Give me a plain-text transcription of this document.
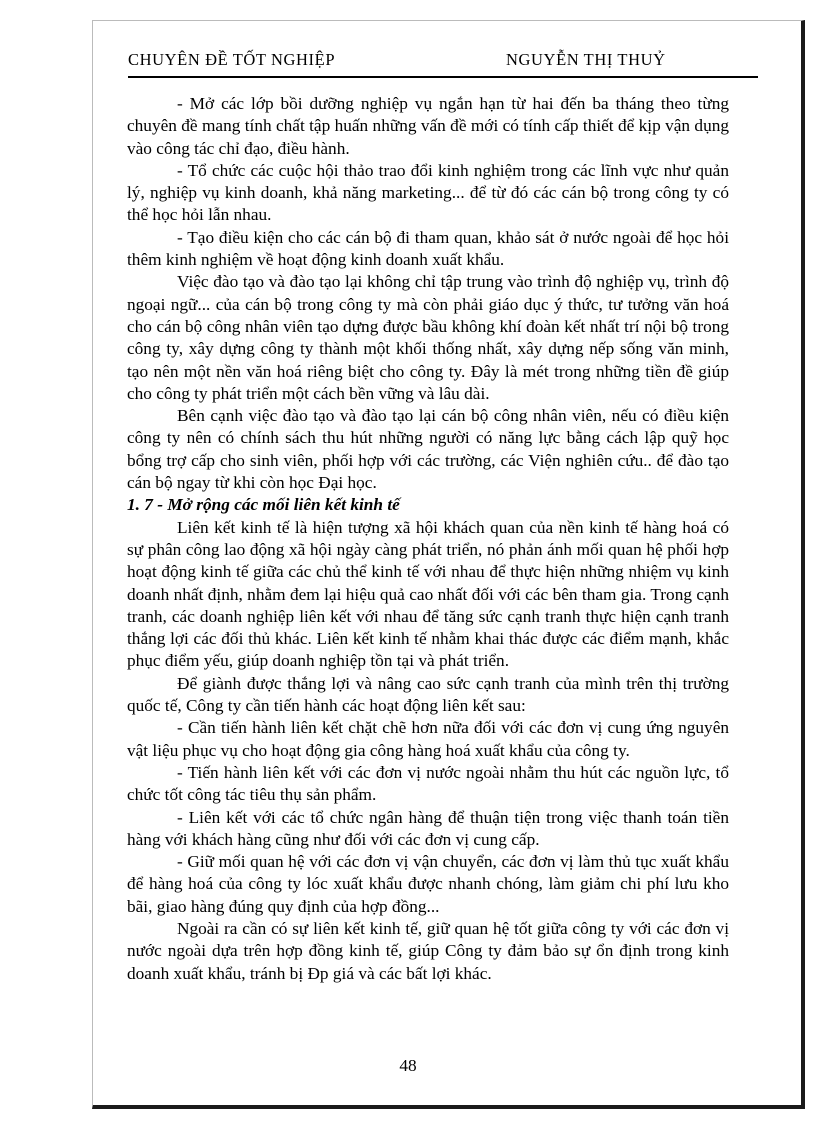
CHUYÊN ĐỀ TỐT NGHIỆP	NGUYỄN THỊ THUỶ

- Mở các lớp bồi dưỡng nghiệp vụ ngắn hạn từ hai đến ba tháng theo từng chuyên đề mang tính chất tập huấn những vấn đề mới có tính cấp thiết để kịp vận dụng vào công tác chỉ đạo, điều hành.

- Tổ chức các cuộc hội thảo trao đổi kinh nghiệm trong các lĩnh vực như quản lý, nghiệp vụ kinh doanh, khả năng marketing... để từ đó các cán bộ trong công ty có thể học hỏi lẫn nhau.

- Tạo điều kiện cho các cán bộ đi tham quan, khảo sát ở nước ngoài để học hỏi thêm kinh nghiệm về hoạt động kinh doanh xuất khẩu.

Việc đào tạo và đào tạo lại không chỉ tập trung vào trình độ nghiệp vụ, trình độ ngoại ngữ... của cán bộ trong công ty mà còn phải giáo dục ý thức, tư tưởng văn hoá cho cán bộ công nhân viên tạo dựng được bầu không khí đoàn kết nhất trí nội bộ trong công ty, xây dựng công ty thành một khối thống nhất, xây dựng nếp sống văn minh, tạo nên một nền văn hoá riêng biệt cho công ty. Đây là mét trong những tiền đề giúp cho công ty phát triển một cách bền vững và lâu dài.

Bên cạnh việc đào tạo và đào tạo lại cán bộ công nhân viên, nếu có điều kiện công ty nên có chính sách thu hút những người có năng lực bằng cách lập quỹ học bổng trợ cấp cho sinh viên, phối hợp với các trường, các Viện nghiên cứu.. để đào tạo cán bộ ngay từ khi còn học Đại học.

1. 7 - Mở rộng các mối liên kết kinh tế

Liên kết kinh tế là hiện tượng xã hội khách quan của nền kinh tế hàng hoá có sự phân công lao động xã hội ngày càng phát triển, nó phản ánh mối quan hệ phối hợp hoạt động kinh tế giữa các chủ thể kinh tế với nhau để thực hiện những nhiệm vụ kinh doanh nhất định, nhằm đem lại hiệu quả cao nhất đối với các bên tham gia. Trong cạnh tranh, các doanh nghiệp liên kết với nhau để tăng sức cạnh tranh thực hiện cạnh tranh thắng lợi các đối thủ khác. Liên kết kinh tế nhằm khai thác được các điểm mạnh, khắc phục điểm yếu, giúp doanh nghiệp tồn tại và phát triển.

Để giành được thắng lợi và nâng cao sức cạnh tranh của mình trên thị trường quốc tế, Công ty cần tiến hành các hoạt động liên kết sau:

- Cần tiến hành liên kết chặt chẽ hơn nữa đối với các đơn vị cung ứng nguyên vật liệu phục vụ cho hoạt động gia công hàng hoá xuất khẩu của công ty.

- Tiến hành liên kết với các đơn vị nước ngoài nhằm thu hút các nguồn lực, tổ chức tốt công tác tiêu thụ sản phẩm.

- Liên kết với các tổ chức ngân hàng để thuận tiện trong việc thanh toán tiền hàng với khách hàng cũng như đối với các đơn vị cung cấp.

- Giữ mối quan hệ với các đơn vị vận chuyển, các đơn vị làm thủ tục xuất khẩu để hàng hoá của công ty lóc xuất khẩu được nhanh chóng, làm giảm chi phí lưu kho bãi, giao hàng đúng quy định của hợp đồng...

Ngoài ra cần có sự liên kết kinh tế, giữ quan hệ tốt giữa công ty với các đơn vị nước ngoài dựa trên hợp đồng kinh tế, giúp Công ty đảm bảo sự ổn định trong kinh doanh xuất khẩu, tránh bị Ðp giá và các bất lợi khác.

48
